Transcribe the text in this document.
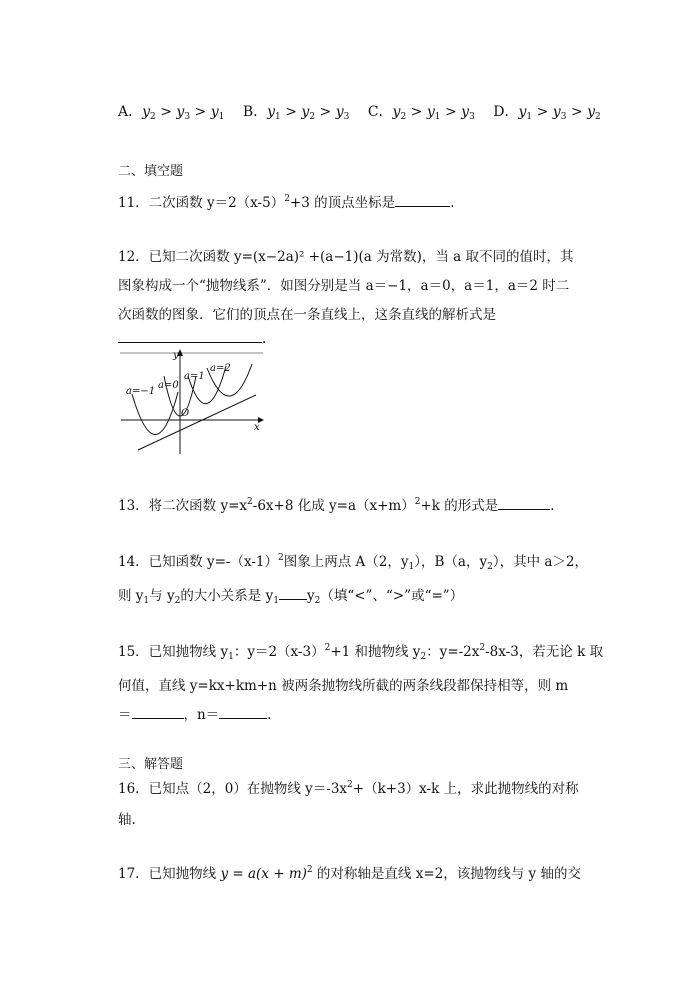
A．$y_2 > y_3 > y_1$ B．$y_1 > y_2 > y_3$ C．$y_2 > y_1 > y_3$ D．$y_1 > y_3 > y_2$
二、填空题
11．二次函数 $y=2(x-5)^2+3$ 的顶点坐标是	.
12．已知二次函数 y=(x−2a)² +(a−1)(a 为常数)，当 a 取不同的值时，其
图象构成一个“抛物线系”．如图分别是当 a＝−1，a＝0，a＝1，a＝2 时二
次函数的图象．它们的顶点在一条直线上，这条直线的解析式是
.
a=−1
a=0
a=1
a=2
y
x
O
13．将二次函数 $y=x^2-6x+8$ 化成 $y=a(x+m)^2+k$ 的形式是	.
14．已知函数 $y=-(x-1)^2$图象上两点 A（2，$y_1$），B（a，$y_2$），其中 a＞2，
则 $y_1$与 $y_2$的大小关系是 $y_1$ $y_2$（填“<”、“>”或“=”）
15．已知抛物线 $y_1$：$y=2(x-3)^2+1$ 和抛物线 $y_2$：$y=-2x^2-8x-3$，若无论 k 取
何值，直线 y=kx+km+n 被两条抛物线所截的两条线段都保持相等，则 m
＝	，n＝	.
三、解答题
16．已知点（2，0）在抛物线 $y=-3x^2+(k+3)x-k$ 上，求此抛物线的对称
轴.
17．已知抛物线 $y = a(x + m)^2$ 的对称轴是直线 x=2，该抛物线与 y 轴的交
